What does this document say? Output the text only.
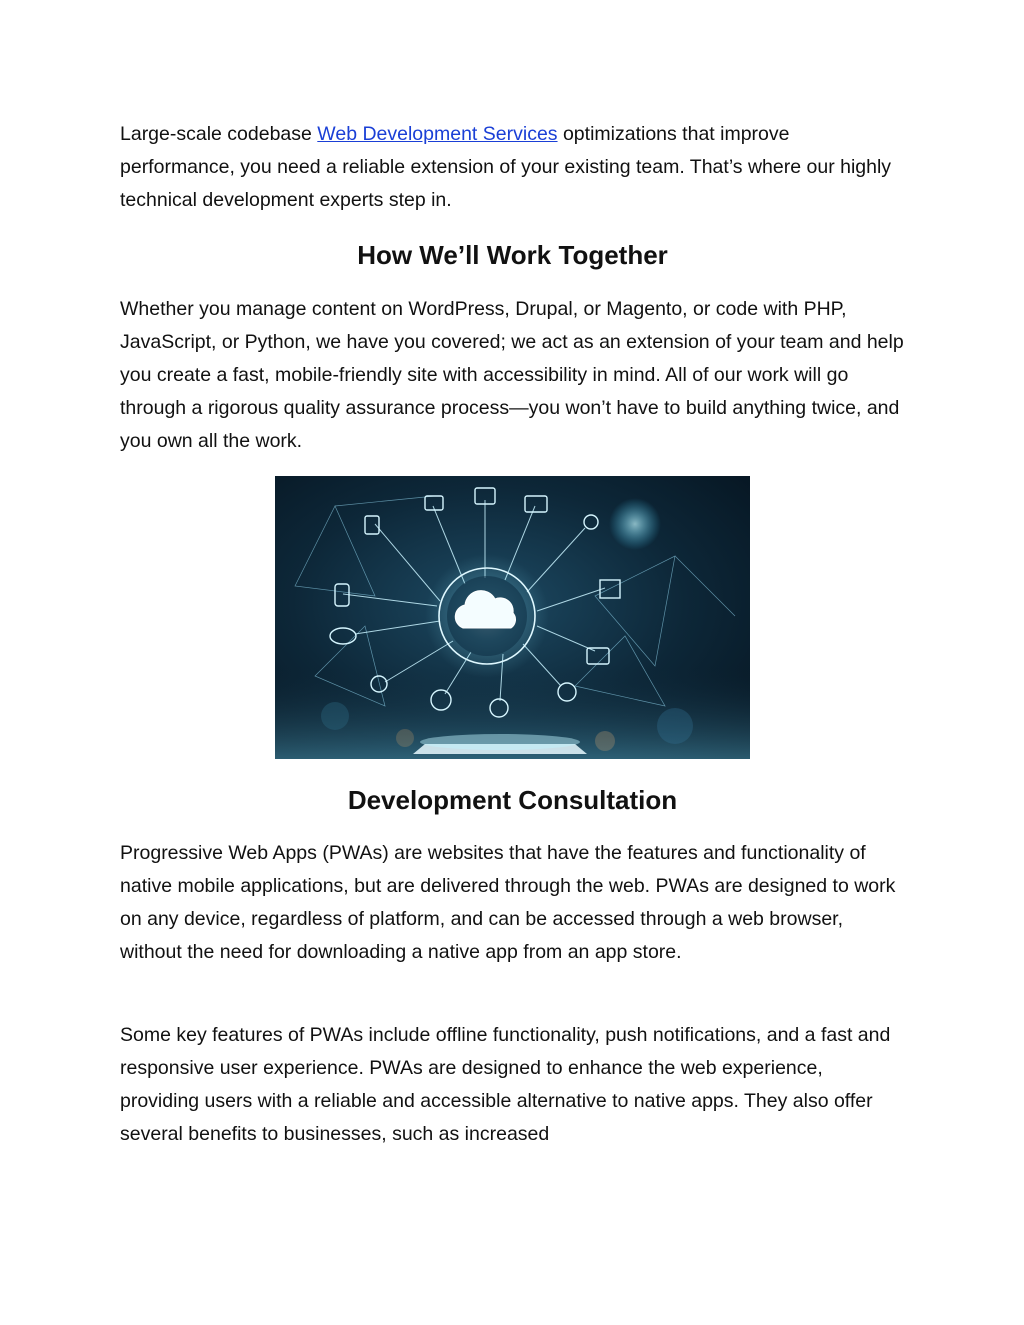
Large-scale codebase Web Development Services optimizations that improve performance, you need a reliable extension of your existing team. That’s where our highly technical development experts step in.

How We’ll Work Together

Whether you manage content on WordPress, Drupal, or Magento, or code with PHP, JavaScript, or Python, we have you covered; we act as an extension of your team and help you create a fast, mobile-friendly site with accessibility in mind. All of our work will go through a rigorous quality assurance process—you won’t have to build anything twice, and you own all the work.

Development Consultation

Progressive Web Apps (PWAs) are websites that have the features and functionality of native mobile applications, but are delivered through the web. PWAs are designed to work on any device, regardless of platform, and can be accessed through a web browser, without the need for downloading a native app from an app store.

Some key features of PWAs include offline functionality, push notifications, and a fast and responsive user experience. PWAs are designed to enhance the web experience, providing users with a reliable and accessible alternative to native apps. They also offer several benefits to businesses, such as increased
